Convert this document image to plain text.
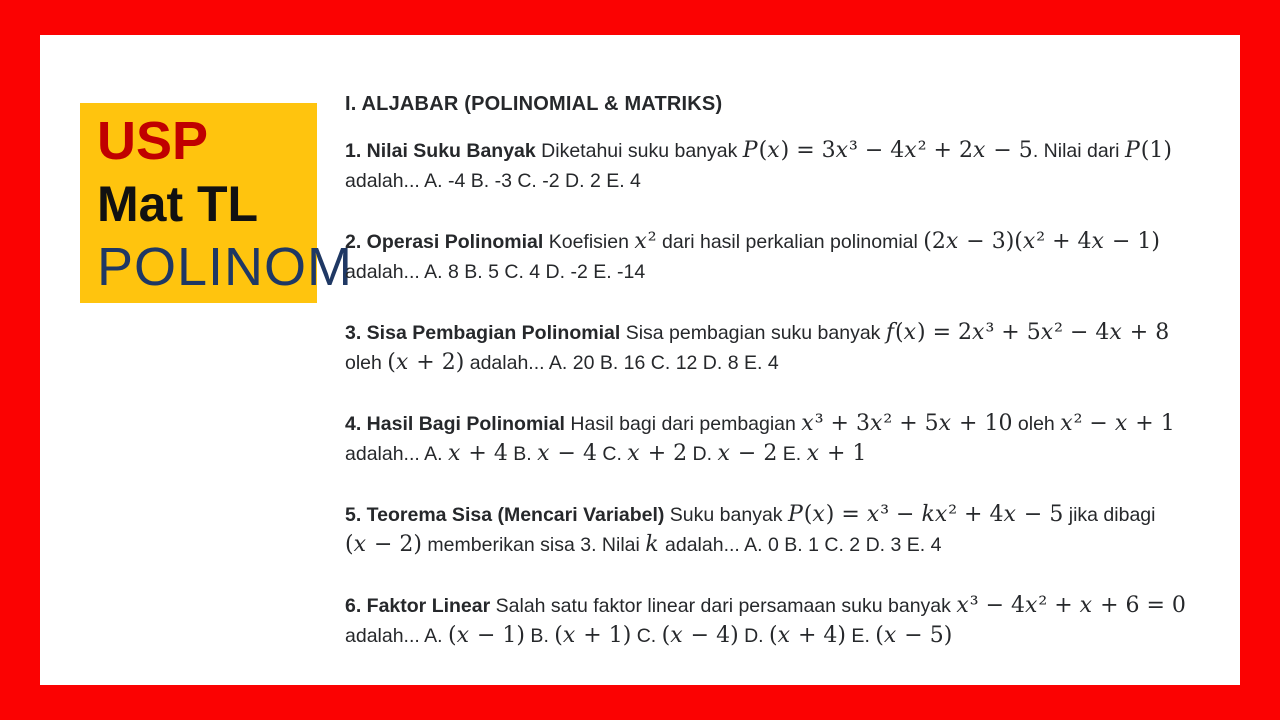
USP
Mat TL
POLINOM
I. ALJABAR (POLINOMIAL & MATRIKS)
1. Nilai Suku Banyak Diketahui suku banyak P(x) = 3x³ − 4x² + 2x − 5. Nilai dari P(1)
adalah... A. -4 B. -3 C. -2 D. 2 E. 4
2. Operasi Polinomial Koefisien x² dari hasil perkalian polinomial (2x − 3)(x² + 4x − 1)
adalah... A. 8 B. 5 C. 4 D. -2 E. -14
3. Sisa Pembagian Polinomial Sisa pembagian suku banyak f(x) = 2x³ + 5x² − 4x + 8
oleh (x + 2) adalah... A. 20 B. 16 C. 12 D. 8 E. 4
4. Hasil Bagi Polinomial Hasil bagi dari pembagian x³ + 3x² + 5x + 10 oleh x² − x + 1
adalah... A. x + 4 B. x − 4 C. x + 2 D. x − 2 E. x + 1
5. Teorema Sisa (Mencari Variabel) Suku banyak P(x) = x³ − kx² + 4x − 5 jika dibagi
(x − 2) memberikan sisa 3. Nilai k adalah... A. 0 B. 1 C. 2 D. 3 E. 4
6. Faktor Linear Salah satu faktor linear dari persamaan suku banyak x³ − 4x² + x + 6 = 0
adalah... A. (x − 1) B. (x + 1) C. (x − 4) D. (x + 4) E. (x − 5)
